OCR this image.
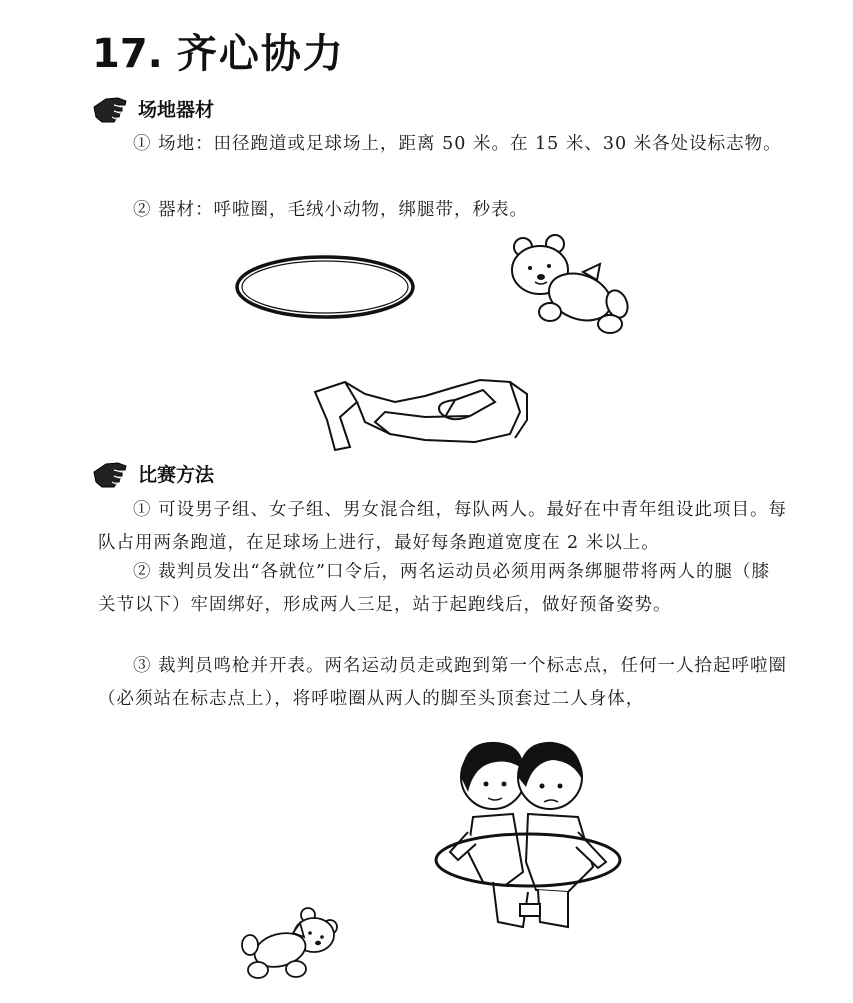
17. 齐心协力
场地器材

① 场地：田径跑道或足球场上，距离 50 米。在 15 米、30 米各处设标志物。

② 器材：呼啦圈，毛绒小动物，绑腿带，秒表。

比赛方法

① 可设男子组、女子组、男女混合组，每队两人。最好在中青年组设此项目。每队占用两条跑道，在足球场上进行，最好每条跑道宽度在 2 米以上。

② 裁判员发出“各就位”口令后，两名运动员必须用两条绑腿带将两人的腿（膝关节以下）牢固绑好，形成两人三足，站于起跑线后，做好预备姿势。

③ 裁判员鸣枪并开表。两名运动员走或跑到第一个标志点，任何一人拾起呼啦圈（必须站在标志点上），将呼啦圈从两人的脚至头顶套过二人身体，
